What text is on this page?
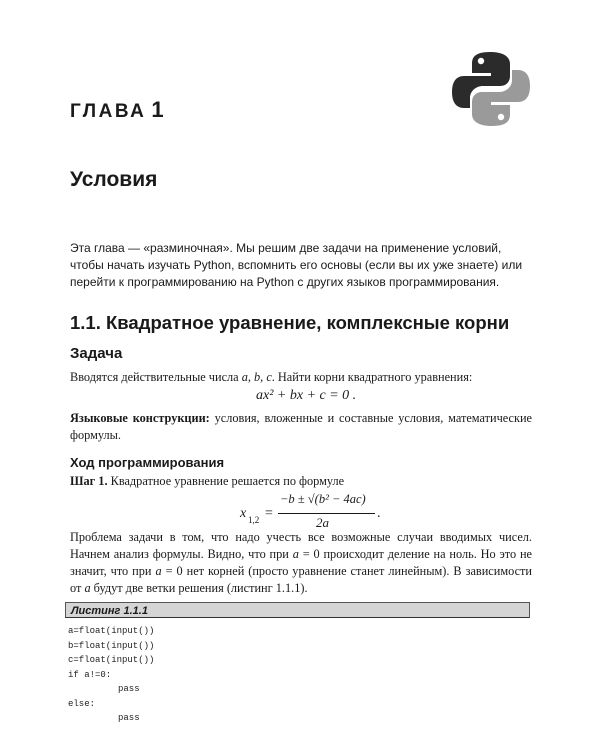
ГЛАВА 1
Условия
Эта глава — «разминочная». Мы решим две задачи на применение условий, чтобы начать изучать Python, вспомнить его основы (если вы их уже знаете) или перейти к программированию на Python с других языков программирования.
1.1. Квадратное уравнение, комплексные корни
Задача
Вводятся действительные числа a, b, c. Найти корни квадратного уравнения:
ax² + bx + c = 0 .
Языковые конструкции: условия, вложенные и составные условия, математические формулы.
Ход программирования
Шаг 1. Квадратное уравнение решается по формуле
x 1,2 =
−b ± √(b² − 4ac)
2a
.
Проблема задачи в том, что надо учесть все возможные случаи вводимых чисел. Начнем анализ формулы. Видно, что при a = 0 происходит деление на ноль. Но это не значит, что при a = 0 нет корней (просто уравнение станет линейным). В зависимости от a будут две ветки решения (листинг 1.1.1).
Листинг 1.1.1
a=float(input())
b=float(input())
c=float(input())
if a!=0:
pass
else:
pass
